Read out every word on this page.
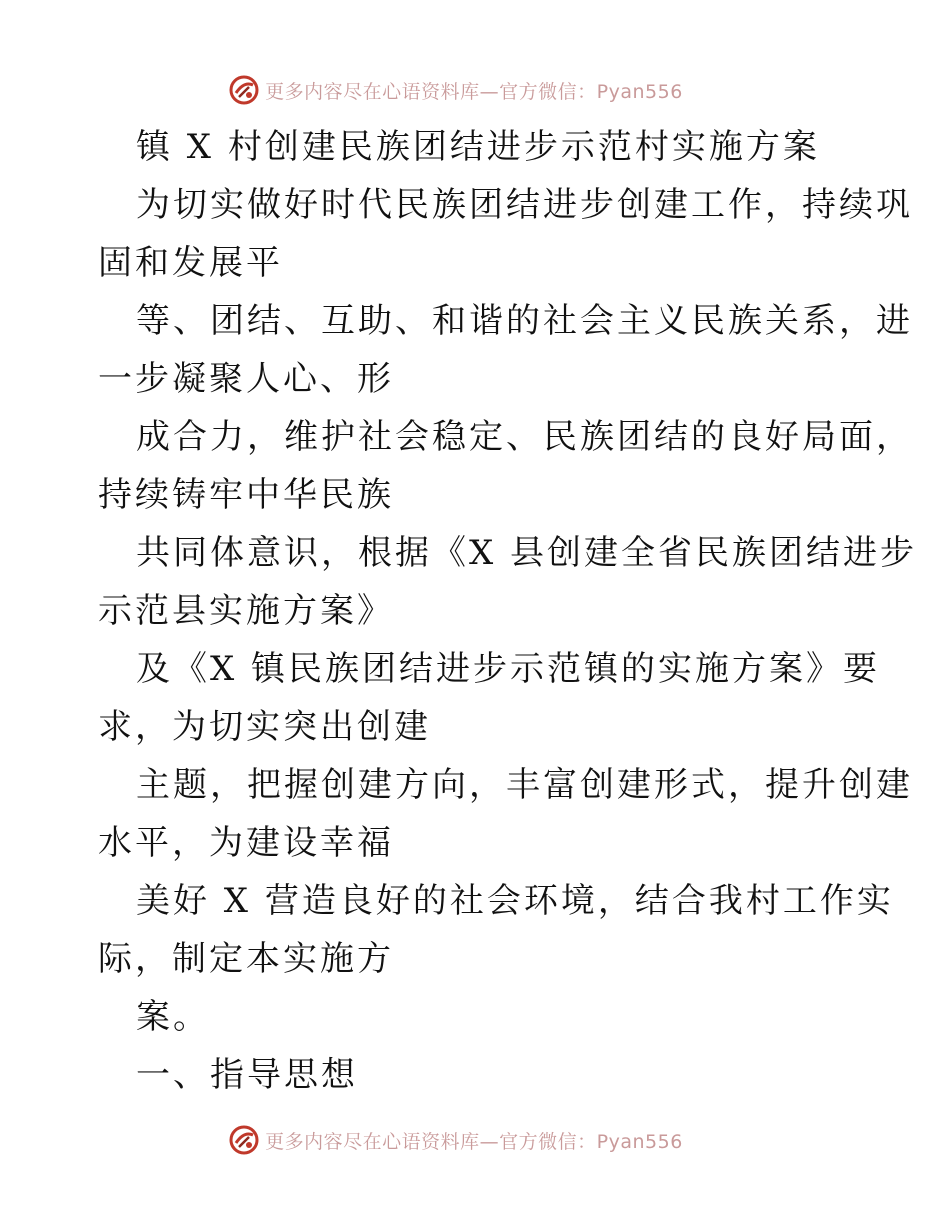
更多内容尽在心语资料库—官方微信：Pyan556
镇 X 村创建民族团结进步示范村实施方案
为切实做好时代民族团结进步创建工作，持续巩
固和发展平
等、团结、互助、和谐的社会主义民族关系，进
一步凝聚人心、形
成合力，维护社会稳定、民族团结的良好局面，
持续铸牢中华民族
共同体意识，根据《X 县创建全省民族团结进步
示范县实施方案》
及《X 镇民族团结进步示范镇的实施方案》要
求，为切实突出创建
主题，把握创建方向，丰富创建形式，提升创建
水平，为建设幸福
美好 X 营造良好的社会环境，结合我村工作实
际，制定本实施方
案。
一、指导思想
更多内容尽在心语资料库—官方微信：Pyan556
